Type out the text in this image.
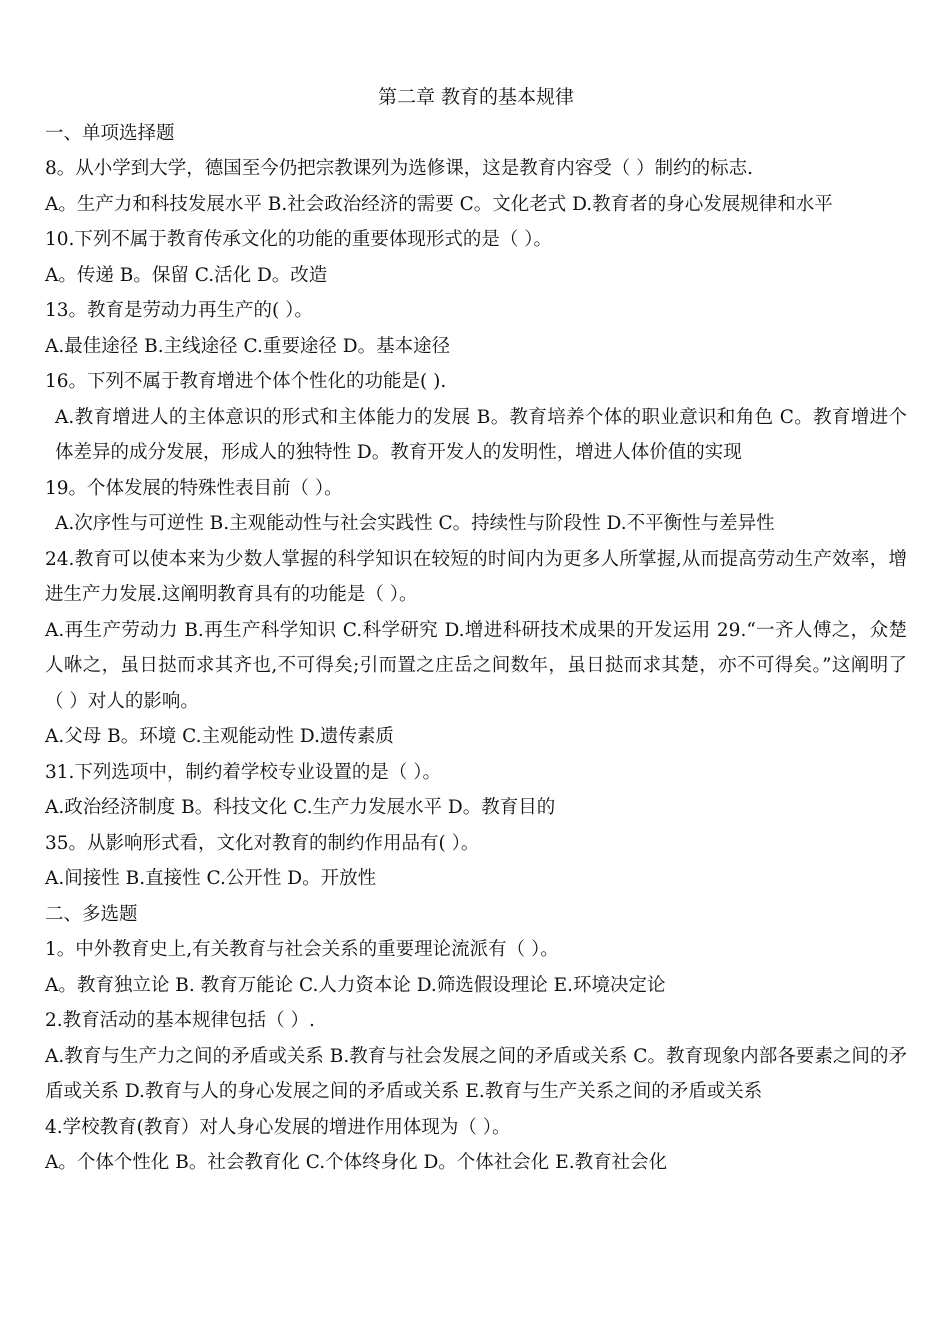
第二章 教育的基本规律

一、单项选择题

8。从小学到大学，德国至今仍把宗教课列为选修课，这是教育内容受（ ）制约的标志.

A。生产力和科技发展水平 B.社会政治经济的需要 C。文化老式 D.教育者的身心发展规律和水平

10.下列不属于教育传承文化的功能的重要体现形式的是（ ）。

A。传递 B。保留 C.活化 D。改造

13。教育是劳动力再生产的( ）。

A.最佳途径 B.主线途径 C.重要途径 D。基本途径

16。下列不属于教育增进个体个性化的功能是( ).

A.教育增进人的主体意识的形式和主体能力的发展 B。教育培养个体的职业意识和角色 C。教育增进个体差异的成分发展，形成人的独特性 D。教育开发人的发明性，增进人体价值的实现

19。个体发展的特殊性表目前（ ）。

A.次序性与可逆性 B.主观能动性与社会实践性 C。持续性与阶段性 D.不平衡性与差异性

24.教育可以使本来为少数人掌握的科学知识在较短的时间内为更多人所掌握,从而提高劳动生产效率，增进生产力发展.这阐明教育具有的功能是（ ）。

A.再生产劳动力 B.再生产科学知识 C.科学研究 D.增进科研技术成果的开发运用 29.“一齐人傅之，众楚人咻之，虽日挞而求其齐也,不可得矣;引而置之庄岳之间数年，虽日挞而求其楚，亦不可得矣。”这阐明了（ ）对人的影响。

A.父母 B。环境 C.主观能动性 D.遗传素质

31.下列选项中，制约着学校专业设置的是（ ）。

A.政治经济制度 B。科技文化 C.生产力发展水平 D。教育目的

35。从影响形式看，文化对教育的制约作用品有( ）。

A.间接性 B.直接性 C.公开性 D。开放性

二、多选题

1。中外教育史上,有关教育与社会关系的重要理论流派有（ ）。

A。教育独立论 B. 教育万能论 C.人力资本论 D.筛选假设理论 E.环境决定论

2.教育活动的基本规律包括（ ）.

A.教育与生产力之间的矛盾或关系 B.教育与社会发展之间的矛盾或关系 C。教育现象内部各要素之间的矛盾或关系 D.教育与人的身心发展之间的矛盾或关系 E.教育与生产关系之间的矛盾或关系

4.学校教育(教育）对人身心发展的增进作用体现为（ ）。

A。个体个性化 B。社会教育化 C.个体终身化 D。个体社会化 E.教育社会化
